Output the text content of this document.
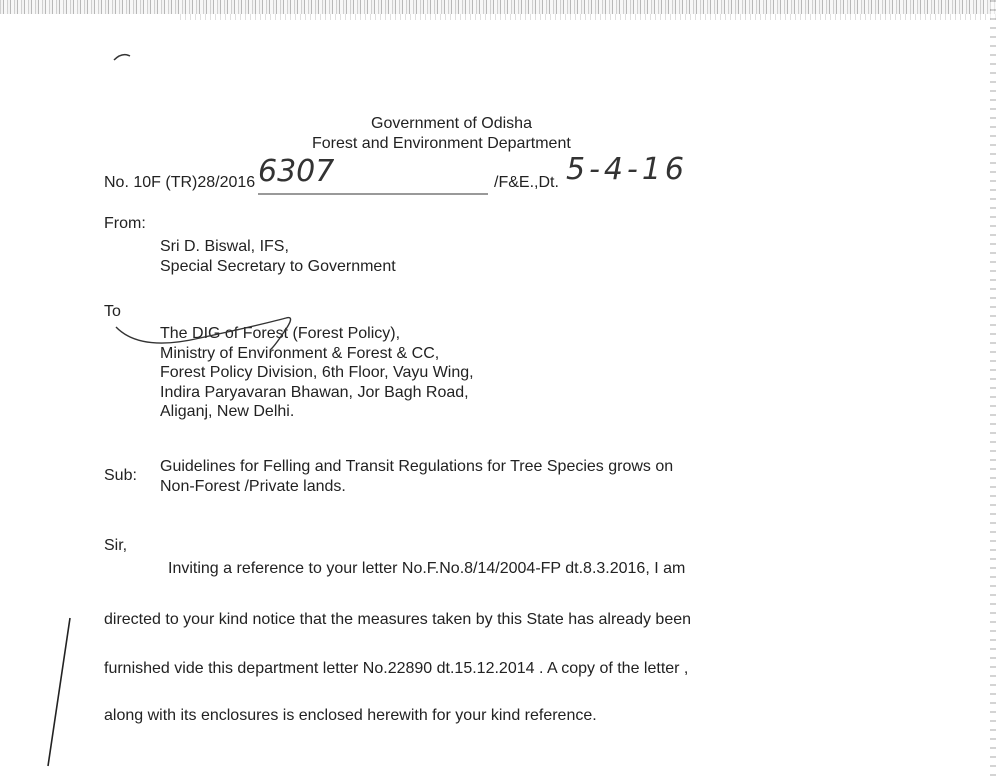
Government of Odisha
Forest and Environment Department
No. 10F (TR)28/2016 6307	/F&E.,Dt. 5-4-16
From:
Sri D. Biswal, IFS,
Special Secretary to Government
To
The DIG of Forest (Forest Policy),
Ministry of Environment & Forest & CC,
Forest Policy Division, 6th Floor, Vayu Wing,
Indira Paryavaran Bhawan, Jor Bagh Road,
Aliganj, New Delhi.
Sub:
Guidelines for Felling and Transit Regulations for Tree Species grows on
Non-Forest /Private lands.
Sir,
Inviting a reference to your letter No.F.No.8/14/2004-FP dt.8.3.2016, I am
directed to your kind notice that the measures taken by this State has already been
furnished vide this department letter No.22890 dt.15.12.2014 . A copy of the letter ,
along with its enclosures is enclosed herewith for your kind reference.
